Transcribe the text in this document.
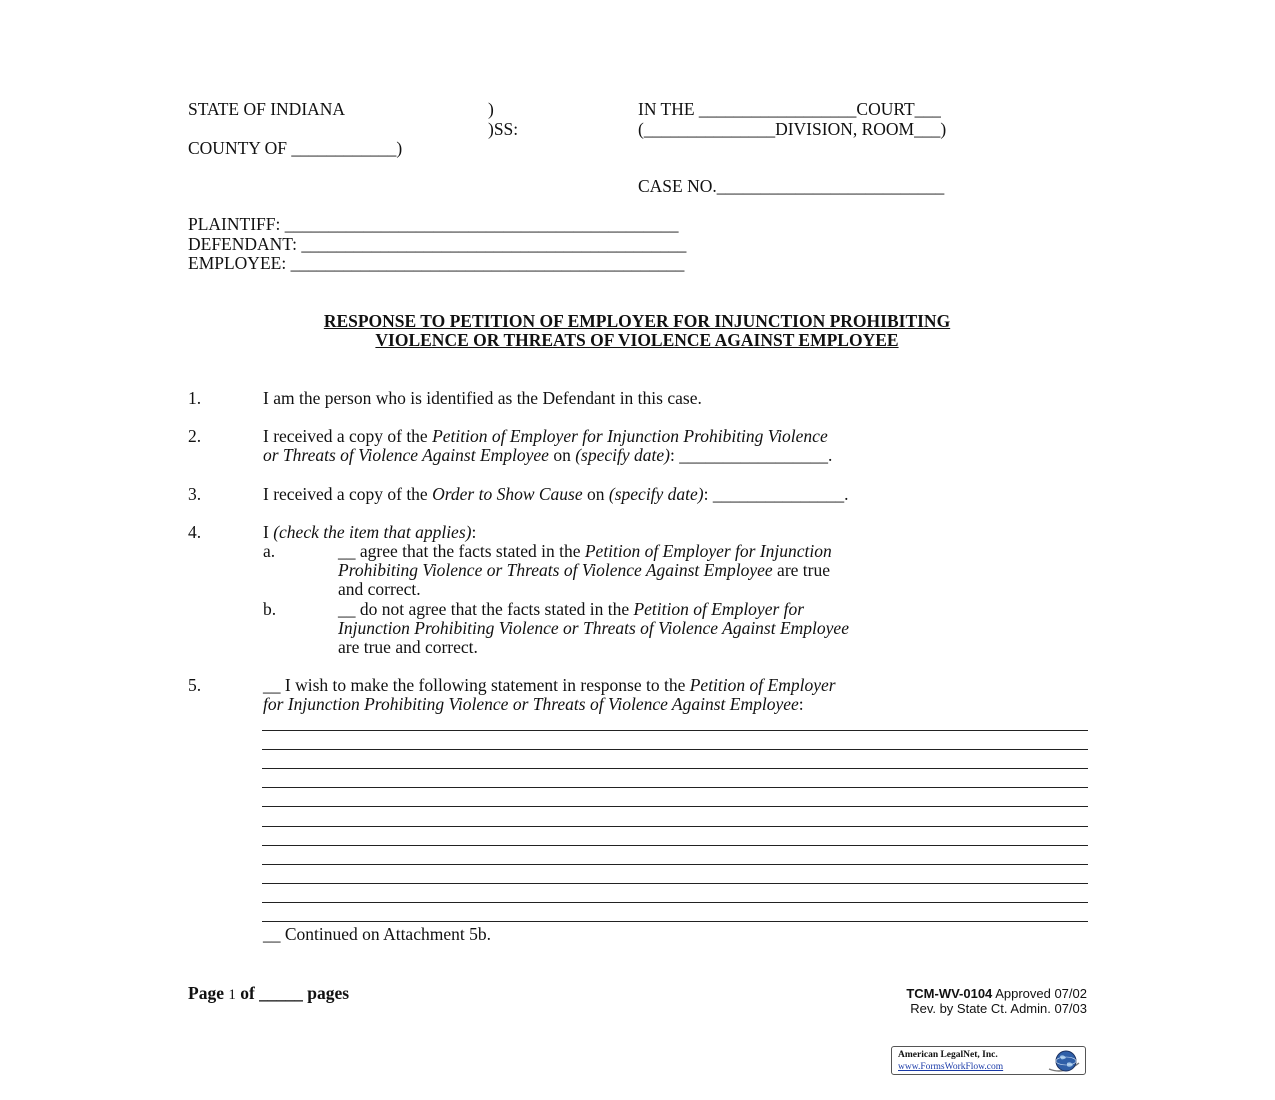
STATE OF INDIANA	)
)SS:
COUNTY OF ____________)
IN THE __________________COURT___
(_______________DIVISION, ROOM___)
CASE NO.__________________________
PLAINTIFF: _____________________________________________
DEFENDANT: ____________________________________________
EMPLOYEE: _____________________________________________
RESPONSE TO PETITION OF EMPLOYER FOR INJUNCTION PROHIBITING
VIOLENCE OR THREATS OF VIOLENCE AGAINST EMPLOYEE
1.	I am the person who is identified as the Defendant in this case.
2.	I received a copy of the Petition of Employer for Injunction Prohibiting Violence
or Threats of Violence Against Employee on (specify date): _________________.
3.	I received a copy of the Order to Show Cause on (specify date): _______________.
4.	I (check the item that applies):
a.	__ agree that the facts stated in the Petition of Employer for Injunction
Prohibiting Violence or Threats of Violence Against Employee are true
and correct.
b.	__ do not agree that the facts stated in the Petition of Employer for
Injunction Prohibiting Violence or Threats of Violence Against Employee
are true and correct.
5.	__ I wish to make the following statement in response to the Petition of Employer
for Injunction Prohibiting Violence or Threats of Violence Against Employee:
__ Continued on Attachment 5b.
Page 1 of _____ pages	TCM-WV-0104 Approved 07/02
Rev. by State Ct. Admin. 07/03
American LegalNet, Inc.
www.FormsWorkFlow.com
